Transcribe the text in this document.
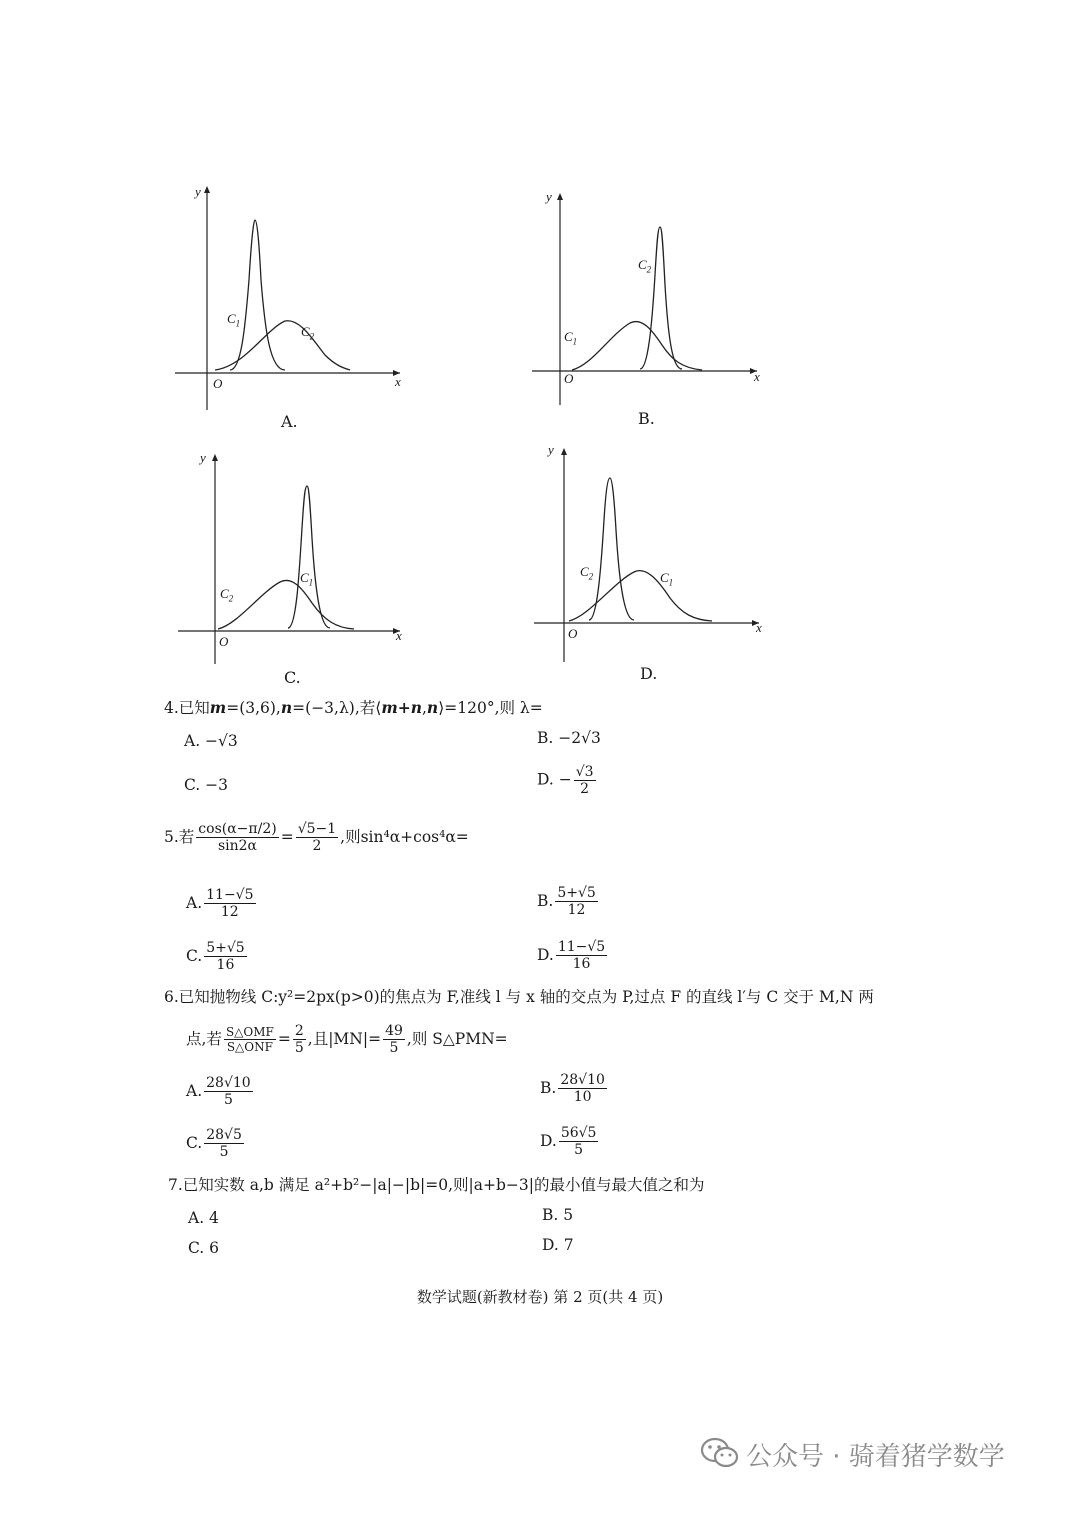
y
x
O
$C_1$
$C_2$
A.
y
x
O
$C_1$
$C_2$
B.
y
x
O
$C_1$
$C_2$
C.
y
x
O
$C_1$
$C_2$
D.
4.已知m=(3,6),n=(−3,λ),若⟨m+n,n⟩=120°,则 λ=
A. −√3	B. −2√3
C. −3	D. − $\frac{√3}{2}$
5.若 $\frac{\cos(\alpha-\pi/2)}{\sin 2\alpha} = \frac{√5-1}{2}$ ,则sin⁴α+cos⁴α=
A. $\frac{11-√5}{12}$	B. $\frac{5+√5}{12}$
C. $\frac{5+√5}{16}$	D. $\frac{11-√5}{16}$
6.已知抛物线 C:y²=2px(p>0)的焦点为 F,准线 l 与 x 轴的交点为 P,过点 F 的直线 l′与 C 交于 M,N 两
点,若 $\frac{\text{S△OMF}}{\text{S△ONF}} = \frac{2}{5}$ ,且$|MN|= \frac{49}{5}$ ,则 S△PMN=
A. $\frac{28√10}{5}$	B. $\frac{28√10}{10}$
C. $\frac{28√5}{5}$	D. $\frac{56√5}{5}$
7.已知实数 a,b 满足 a²+b²−|a|−|b|=0,则|a+b−3|的最小值与最大值之和为
A. 4	B. 5
C. 6	D. 7
数学试题(新教材卷) 第 2 页(共 4 页)
公众号 · 骑着猪学数学
